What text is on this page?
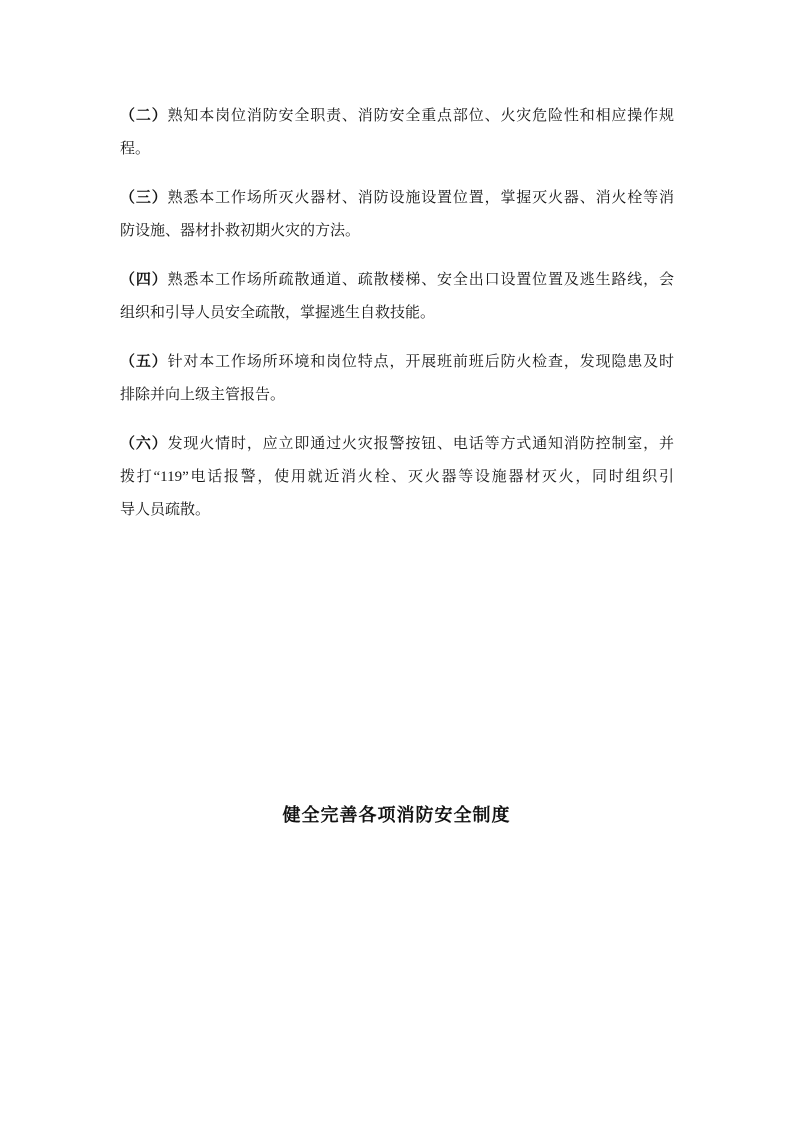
（二）熟知本岗位消防安全职责、消防安全重点部位、火灾危险性和相应操作规
程。
（三）熟悉本工作场所灭火器材、消防设施设置位置，掌握灭火器、消火栓等消
防设施、器材扑救初期火灾的方法。
（四）熟悉本工作场所疏散通道、疏散楼梯、安全出口设置位置及逃生路线，会
组织和引导人员安全疏散，掌握逃生自救技能。
（五）针对本工作场所环境和岗位特点，开展班前班后防火检查，发现隐患及时
排除并向上级主管报告。
（六）发现火情时，应立即通过火灾报警按钮、电话等方式通知消防控制室，并
拨打“119”电话报警，使用就近消火栓、灭火器等设施器材灭火，同时组织引
导人员疏散。
健全完善各项消防安全制度
